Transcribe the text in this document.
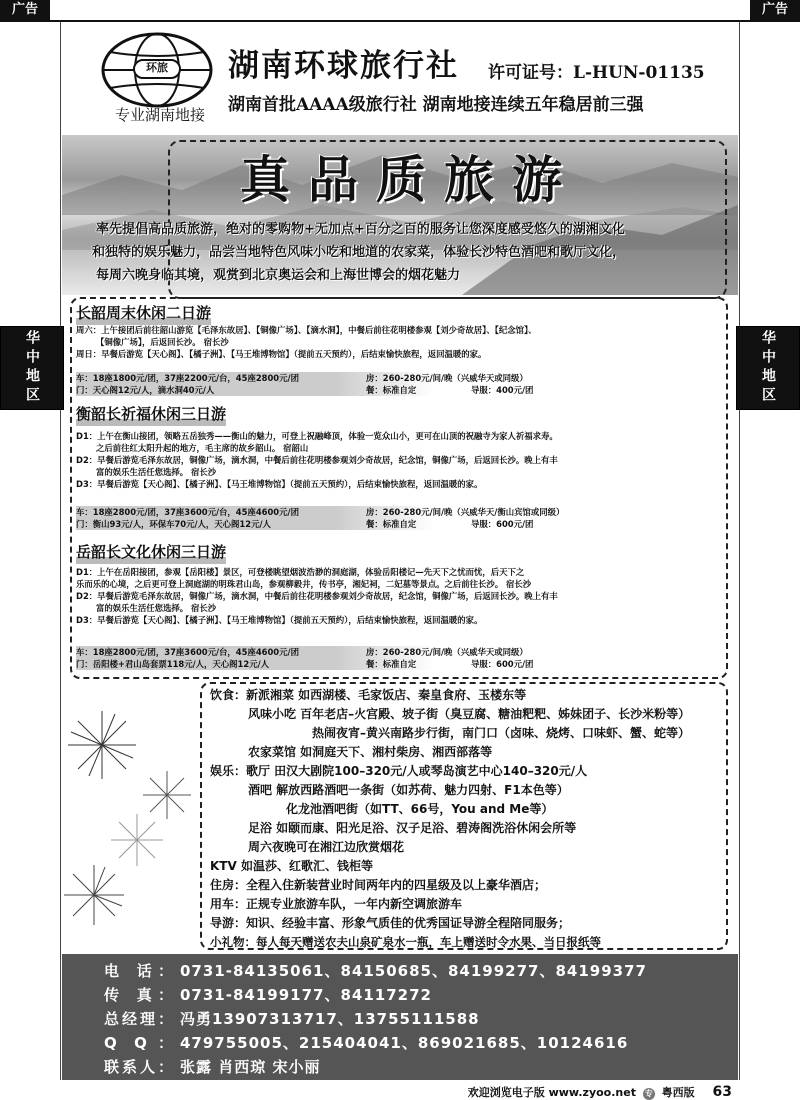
广告	广告
华中地区	华中地区
环旅
专业湖南地接
湖南环球旅行社 许可证号：L-HUN-01135
湖南首批AAAA级旅行社 湖南地接连续五年稳居前三强
真品质旅游
率先提倡高品质旅游，绝对的零购物+无加点+百分之百的服务让您深度感受悠久的湖湘文化
和独特的娱乐魅力，品尝当地特色风味小吃和地道的农家菜，体验长沙特色酒吧和歌厅文化，
每周六晚身临其境，观赏到北京奥运会和上海世博会的烟花魅力
长韶周末休闲二日游
周六：上午接团后前往韶山游览【毛泽东故居】、【铜像广场】、【滴水洞】，中餐后前往花明楼参观【刘少奇故居】、【纪念馆】、
【铜像广场】，后返回长沙。 宿长沙
周日：早餐后游览【天心阁】、【橘子洲】、【马王堆博物馆】（提前五天预约），后结束愉快旅程，返回温暖的家。
车：18座1800元/团，37座2200元/台，45座2800元/团	房：260-280元/间/晚（兴威华天或同级）
门：天心阁12元/人，滴水洞40元/人	餐：标准自定	导服：400元/团
衡韶长祈福休闲三日游
D1：上午在衡山接团，领略五岳独秀——衡山的魅力，可登上祝融峰顶，体验一览众山小，更可在山顶的祝融寺为家人祈福求寿。
之后前往红太阳升起的地方，毛主席的故乡韶山。 宿韶山
D2：早餐后游览毛泽东故居，铜像广场，滴水洞，中餐后前往花明楼参观刘少奇故居，纪念馆，铜像广场，后返回长沙。晚上有丰
富的娱乐生活任您选择。 宿长沙
D3：早餐后游览【天心阁】、【橘子洲】、【马王堆博物馆】（提前五天预约），后结束愉快旅程，返回温暖的家。
车：18座2800元/团，37座3600元/台，45座4600元/团	房：260-280元/间/晚（兴威华天/衡山宾馆或同级）
门：衡山93元/人，环保车70元/人，天心阁12元/人	餐：标准自定	导服：600元/团
岳韶长文化休闲三日游
D1：上午在岳阳接团，参观【岳阳楼】景区，可登楼眺望烟波浩渺的洞庭湖，体验岳阳楼记—先天下之忧而忧，后天下之
乐而乐的心境，之后更可登上洞庭湖的明珠君山岛，参观柳毅井，传书亭，湘妃祠，二妃墓等景点。之后前往长沙。 宿长沙
D2：早餐后游览毛泽东故居，铜像广场，滴水洞，中餐后前往花明楼参观刘少奇故居，纪念馆，铜像广场，后返回长沙。晚上有丰
富的娱乐生活任您选择。 宿长沙
D3：早餐后游览【天心阁】、【橘子洲】、【马王堆博物馆】（提前五天预约），后结束愉快旅程，返回温暖的家。
车：18座2800元/团，37座3600元/台，45座4600元/团	房：260-280元/间/晚（兴威华天或同级）
门：岳阳楼+君山岛套票118元/人，天心阁12元/人	餐：标准自定	导服：600元/团
饮食：新派湘菜 如西湖楼、毛家饭店、秦皇食府、玉楼东等
风味小吃 百年老店–火宫殿、坡子街（臭豆腐、糖油粑粑、姊妹团子、长沙米粉等）
热闹夜宵–黄兴南路步行街，南门口（卤味、烧烤、口味虾、蟹、蛇等）
农家菜馆 如洞庭天下、湘村柴房、湘西部落等
娱乐：歌厅 田汉大剧院100–320元/人或琴岛演艺中心140–320元/人
酒吧 解放西路酒吧一条街（如苏荷、魅力四射、F1本色等）
化龙池酒吧街（如TT、66号，You and Me等）
足浴 如颐而康、阳光足浴、汉子足浴、碧涛阁洗浴休闲会所等
周六夜晚可在湘江边欣赏烟花
KTV 如温莎、红歌汇、钱柜等
住房：全程入住新装营业时间两年内的四星级及以上豪华酒店；
用车：正规专业旅游车队，一年内新空调旅游车
导游：知识、经验丰富、形象气质佳的优秀国证导游全程陪同服务；
小礼物：每人每天赠送农夫山泉矿泉水一瓶，车上赠送时令水果、当日报纸等
电 话： 0731-84135061、84150685、84199277、84199377
传 真： 0731-84199177、84117272
总经理： 冯勇13907313717、13755111588
Q Q： 479755005、215404041、869021685、10124616
联系人： 张露 肖西琼 宋小丽
欢迎浏览电子版 www.zyoo.net 专 粤西版 63
